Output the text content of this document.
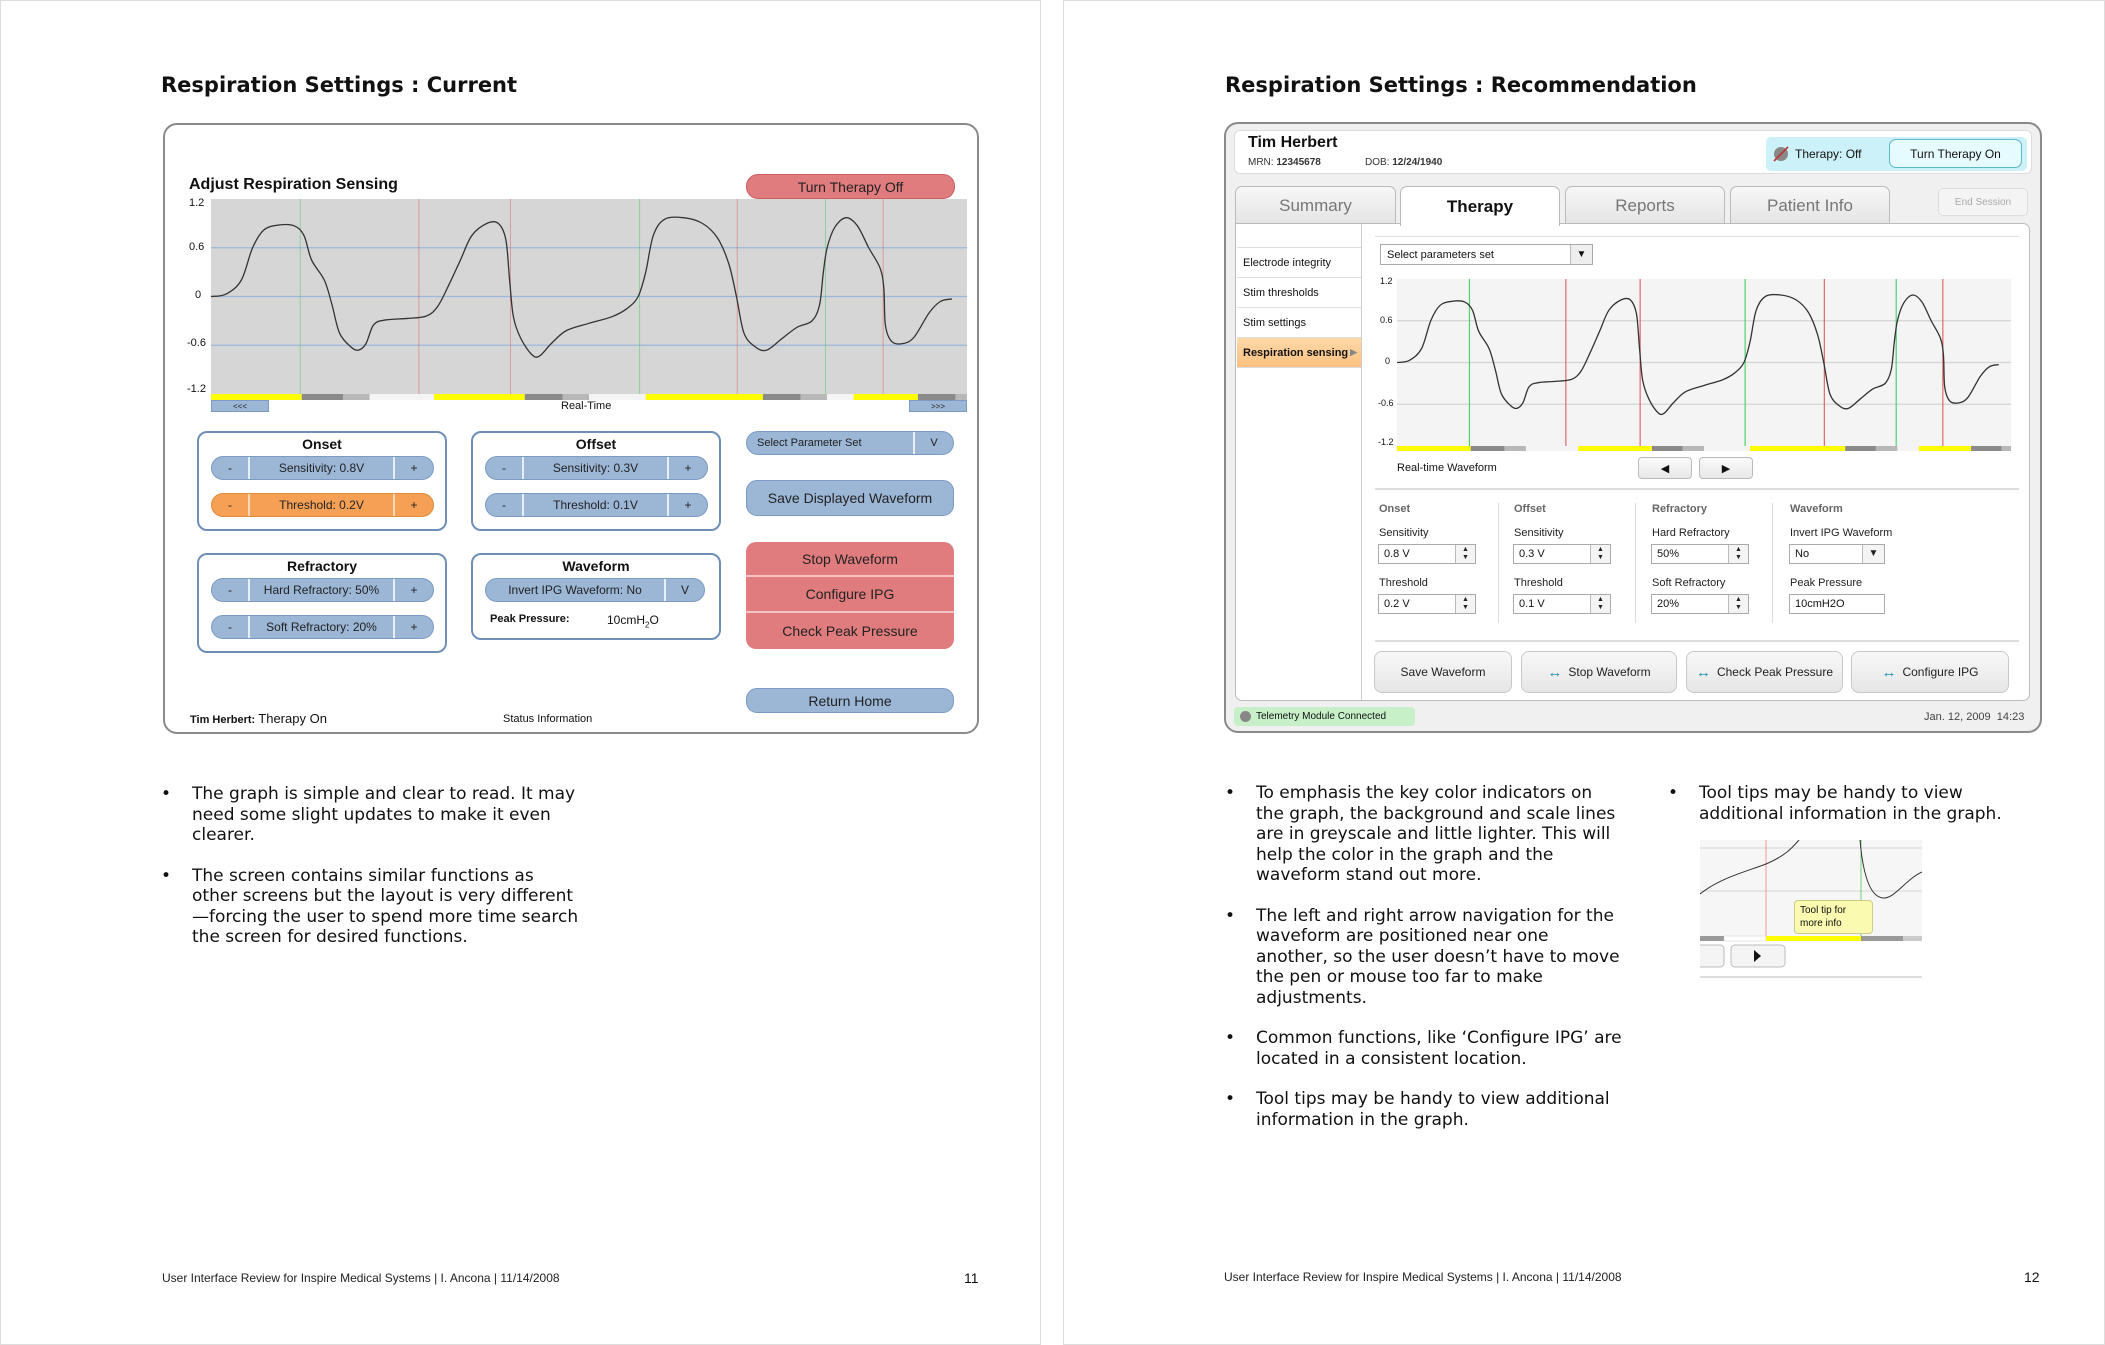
Respiration Settings : Current
Adjust Respiration Sensing	Turn Therapy Off
1.2
0.6
0
-0.6
-1.2
<<<	Real-Time	>>>
Onset
-	Sensitivity: 0.8V	+
-	Threshold: 0.2V	+
Offset
-	Sensitivity: 0.3V	+
-	Threshold: 0.1V	+
Refractory
-	Hard Refractory: 50%	+
-	Soft Refractory: 20%	+
Waveform
Invert IPG Waveform: No	V
Peak Pressure:	10cmH$_2$O
Select Parameter Set	V
Save Displayed Waveform
Stop Waveform
Configure IPG
Check Peak Pressure
Return Home
Tim Herbert: Therapy On	Status Information
• The graph is simple and clear to read. It may need some slight updates to make it even clearer.
• The screen contains similar functions as other screens but the layout is very different—forcing the user to spend more time search the screen for desired functions.
User Interface Review for Inspire Medical Systems | I. Ancona | 11/14/2008	11
Respiration Settings : Recommendation
Tim Herbert
MRN: 12345678	DOB: 12/24/1940
Therapy: Off	Turn Therapy On
Summary	Therapy	Reports	Patient Info	End Session
Electrode integrity
Stim thresholds
Stim settings
Respiration sensing ▶
Select parameters set	▼
1.2
0.6
0
-0.6
-1.2
Real-time Waveform	◀	▶
Onset
Sensitivity
0.8 V	▲
▼
Threshold
0.2 V	▲
▼
Offset
Sensitivity
0.3 V	▲
▼
Threshold
0.1 V	▲
▼
Refractory
Hard Refractory
50%	▲
▼
Soft Refractory
20%	▲
▼
Waveform
Invert IPG Waveform
No	▼
Peak Pressure
10cmH2O
Save Waveform	↔ Stop Waveform	↔ Check Peak Pressure	↔ Configure IPG
Telemetry Module Connected	Jan. 12, 2009  14:23
• To emphasis the key color indicators on the graph, the background and scale lines are in greyscale and little lighter. This will help the color in the graph and the waveform stand out more.
• The left and right arrow navigation for the waveform are positioned near one another, so the user doesn’t have to move the pen or mouse too far to make adjustments.
• Common functions, like ‘Configure IPG’ are located in a consistent location.
• Tool tips may be handy to view additional information in the graph.
• Tool tips may be handy to view additional information in the graph.
Tool tip for more info
User Interface Review for Inspire Medical Systems | I. Ancona | 11/14/2008	12
